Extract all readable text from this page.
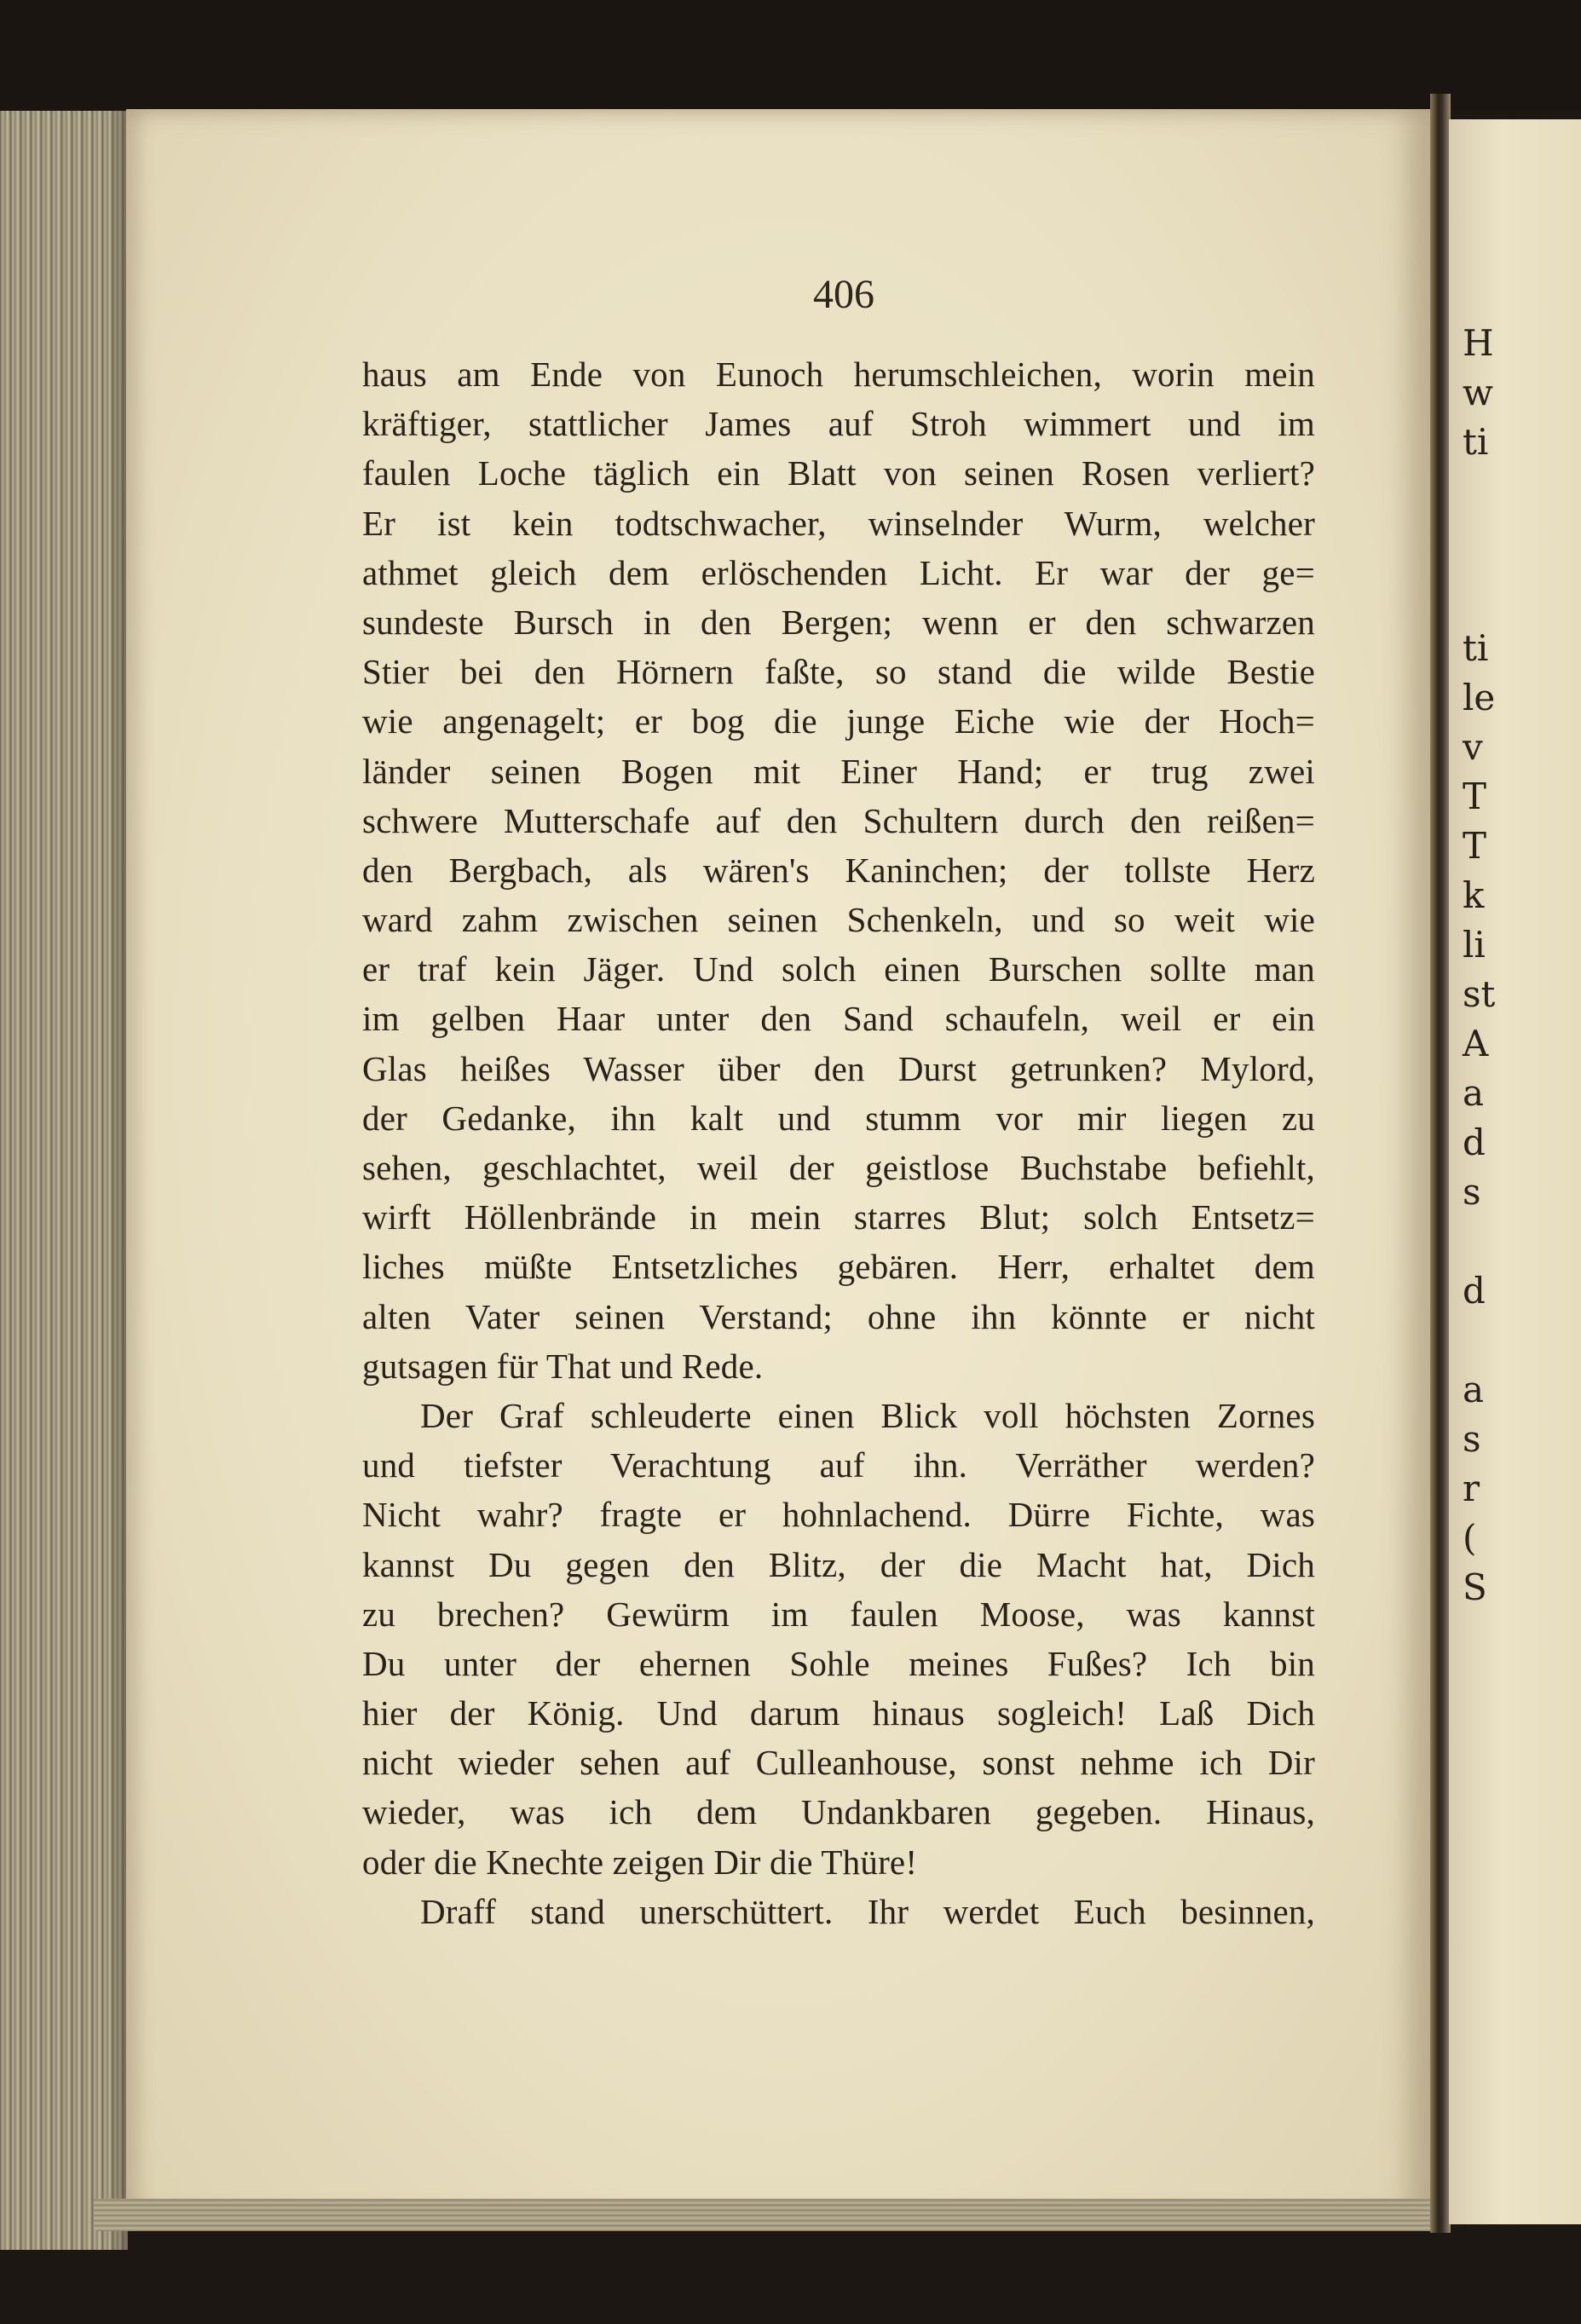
406
haus am Ende von Eunoch herumschleichen, worin mein
kräftiger, stattlicher James auf Stroh wimmert und im
faulen Loche täglich ein Blatt von seinen Rosen verliert?
Er ist kein todtschwacher, winselnder Wurm, welcher
athmet gleich dem erlöschenden Licht. Er war der ge=
sundeste Bursch in den Bergen; wenn er den schwarzen
Stier bei den Hörnern faßte, so stand die wilde Bestie
wie angenagelt; er bog die junge Eiche wie der Hoch=
länder seinen Bogen mit Einer Hand; er trug zwei
schwere Mutterschafe auf den Schultern durch den reißen=
den Bergbach, als wären's Kaninchen; der tollste Herz
ward zahm zwischen seinen Schenkeln, und so weit wie
er traf kein Jäger. Und solch einen Burschen sollte man
im gelben Haar unter den Sand schaufeln, weil er ein
Glas heißes Wasser über den Durst getrunken? Mylord,
der Gedanke, ihn kalt und stumm vor mir liegen zu
sehen, geschlachtet, weil der geistlose Buchstabe befiehlt,
wirft Höllenbrände in mein starres Blut; solch Entsetz=
liches müßte Entsetzliches gebären. Herr, erhaltet dem
alten Vater seinen Verstand; ohne ihn könnte er nicht
gutsagen für That und Rede.
Der Graf schleuderte einen Blick voll höchsten Zornes
und tiefster Verachtung auf ihn. Verräther werden?
Nicht wahr? fragte er hohnlachend. Dürre Fichte, was
kannst Du gegen den Blitz, der die Macht hat, Dich
zu brechen? Gewürm im faulen Moose, was kannst
Du unter der ehernen Sohle meines Fußes? Ich bin
hier der König. Und darum hinaus sogleich! Laß Dich
nicht wieder sehen auf Culleanhouse, sonst nehme ich Dir
wieder, was ich dem Undankbaren gegeben. Hinaus,
oder die Knechte zeigen Dir die Thüre!
Draff stand unerschüttert. Ihr werdet Euch besinnen,
H
w
ti
ti
le
v
T
T
k
li
st
A
a
d
s
d
a
s
r
(
S
